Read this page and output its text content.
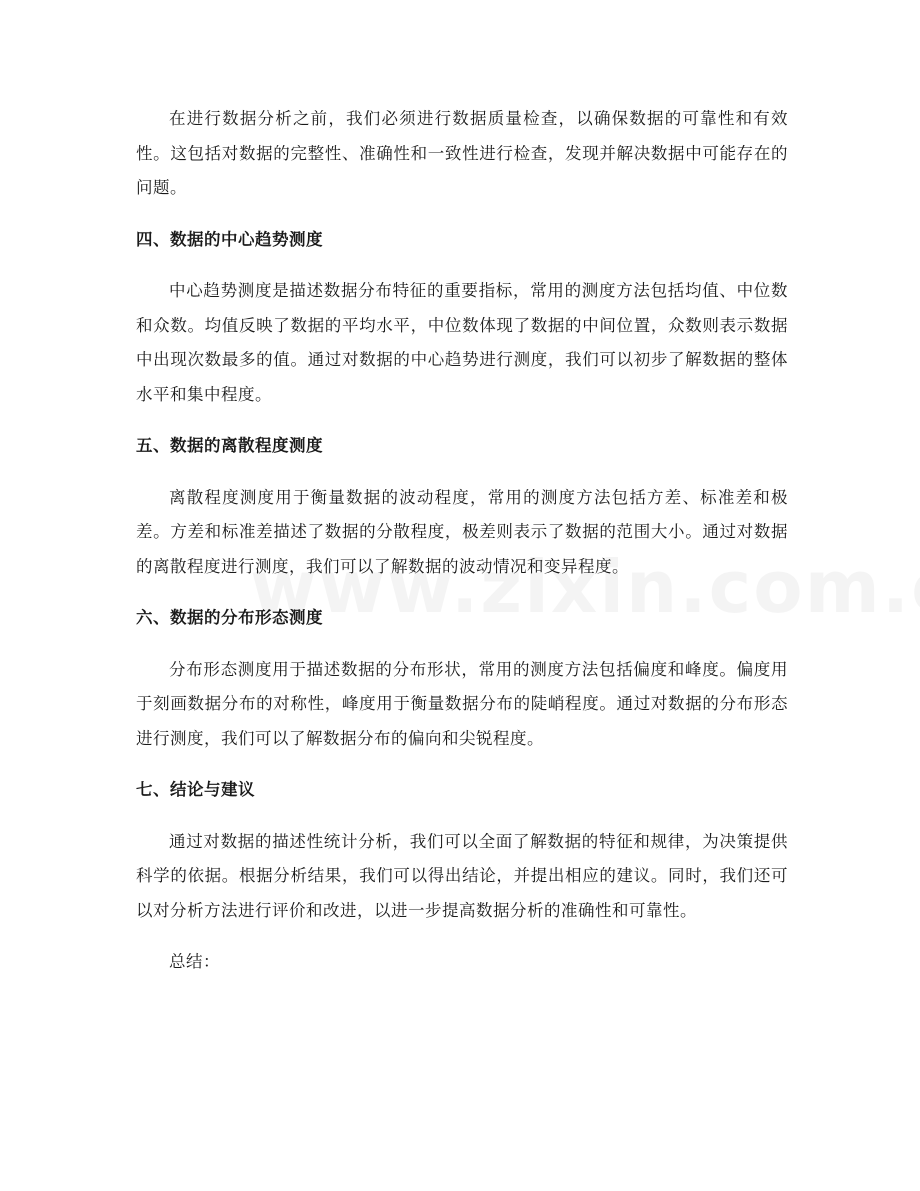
在进行数据分析之前，我们必须进行数据质量检查，以确保数据的可靠性和有效性。这包括对数据的完整性、准确性和一致性进行检查，发现并解决数据中可能存在的问题。

四、数据的中心趋势测度

中心趋势测度是描述数据分布特征的重要指标，常用的测度方法包括均值、中位数和众数。均值反映了数据的平均水平，中位数体现了数据的中间位置，众数则表示数据中出现次数最多的值。通过对数据的中心趋势进行测度，我们可以初步了解数据的整体水平和集中程度。

五、数据的离散程度测度

离散程度测度用于衡量数据的波动程度，常用的测度方法包括方差、标准差和极差。方差和标准差描述了数据的分散程度，极差则表示了数据的范围大小。通过对数据的离散程度进行测度，我们可以了解数据的波动情况和变异程度。

六、数据的分布形态测度

分布形态测度用于描述数据的分布形状，常用的测度方法包括偏度和峰度。偏度用于刻画数据分布的对称性，峰度用于衡量数据分布的陡峭程度。通过对数据的分布形态进行测度，我们可以了解数据分布的偏向和尖锐程度。

七、结论与建议

通过对数据的描述性统计分析，我们可以全面了解数据的特征和规律，为决策提供科学的依据。根据分析结果，我们可以得出结论，并提出相应的建议。同时，我们还可以对分析方法进行评价和改进，以进一步提高数据分析的准确性和可靠性。

总结：
